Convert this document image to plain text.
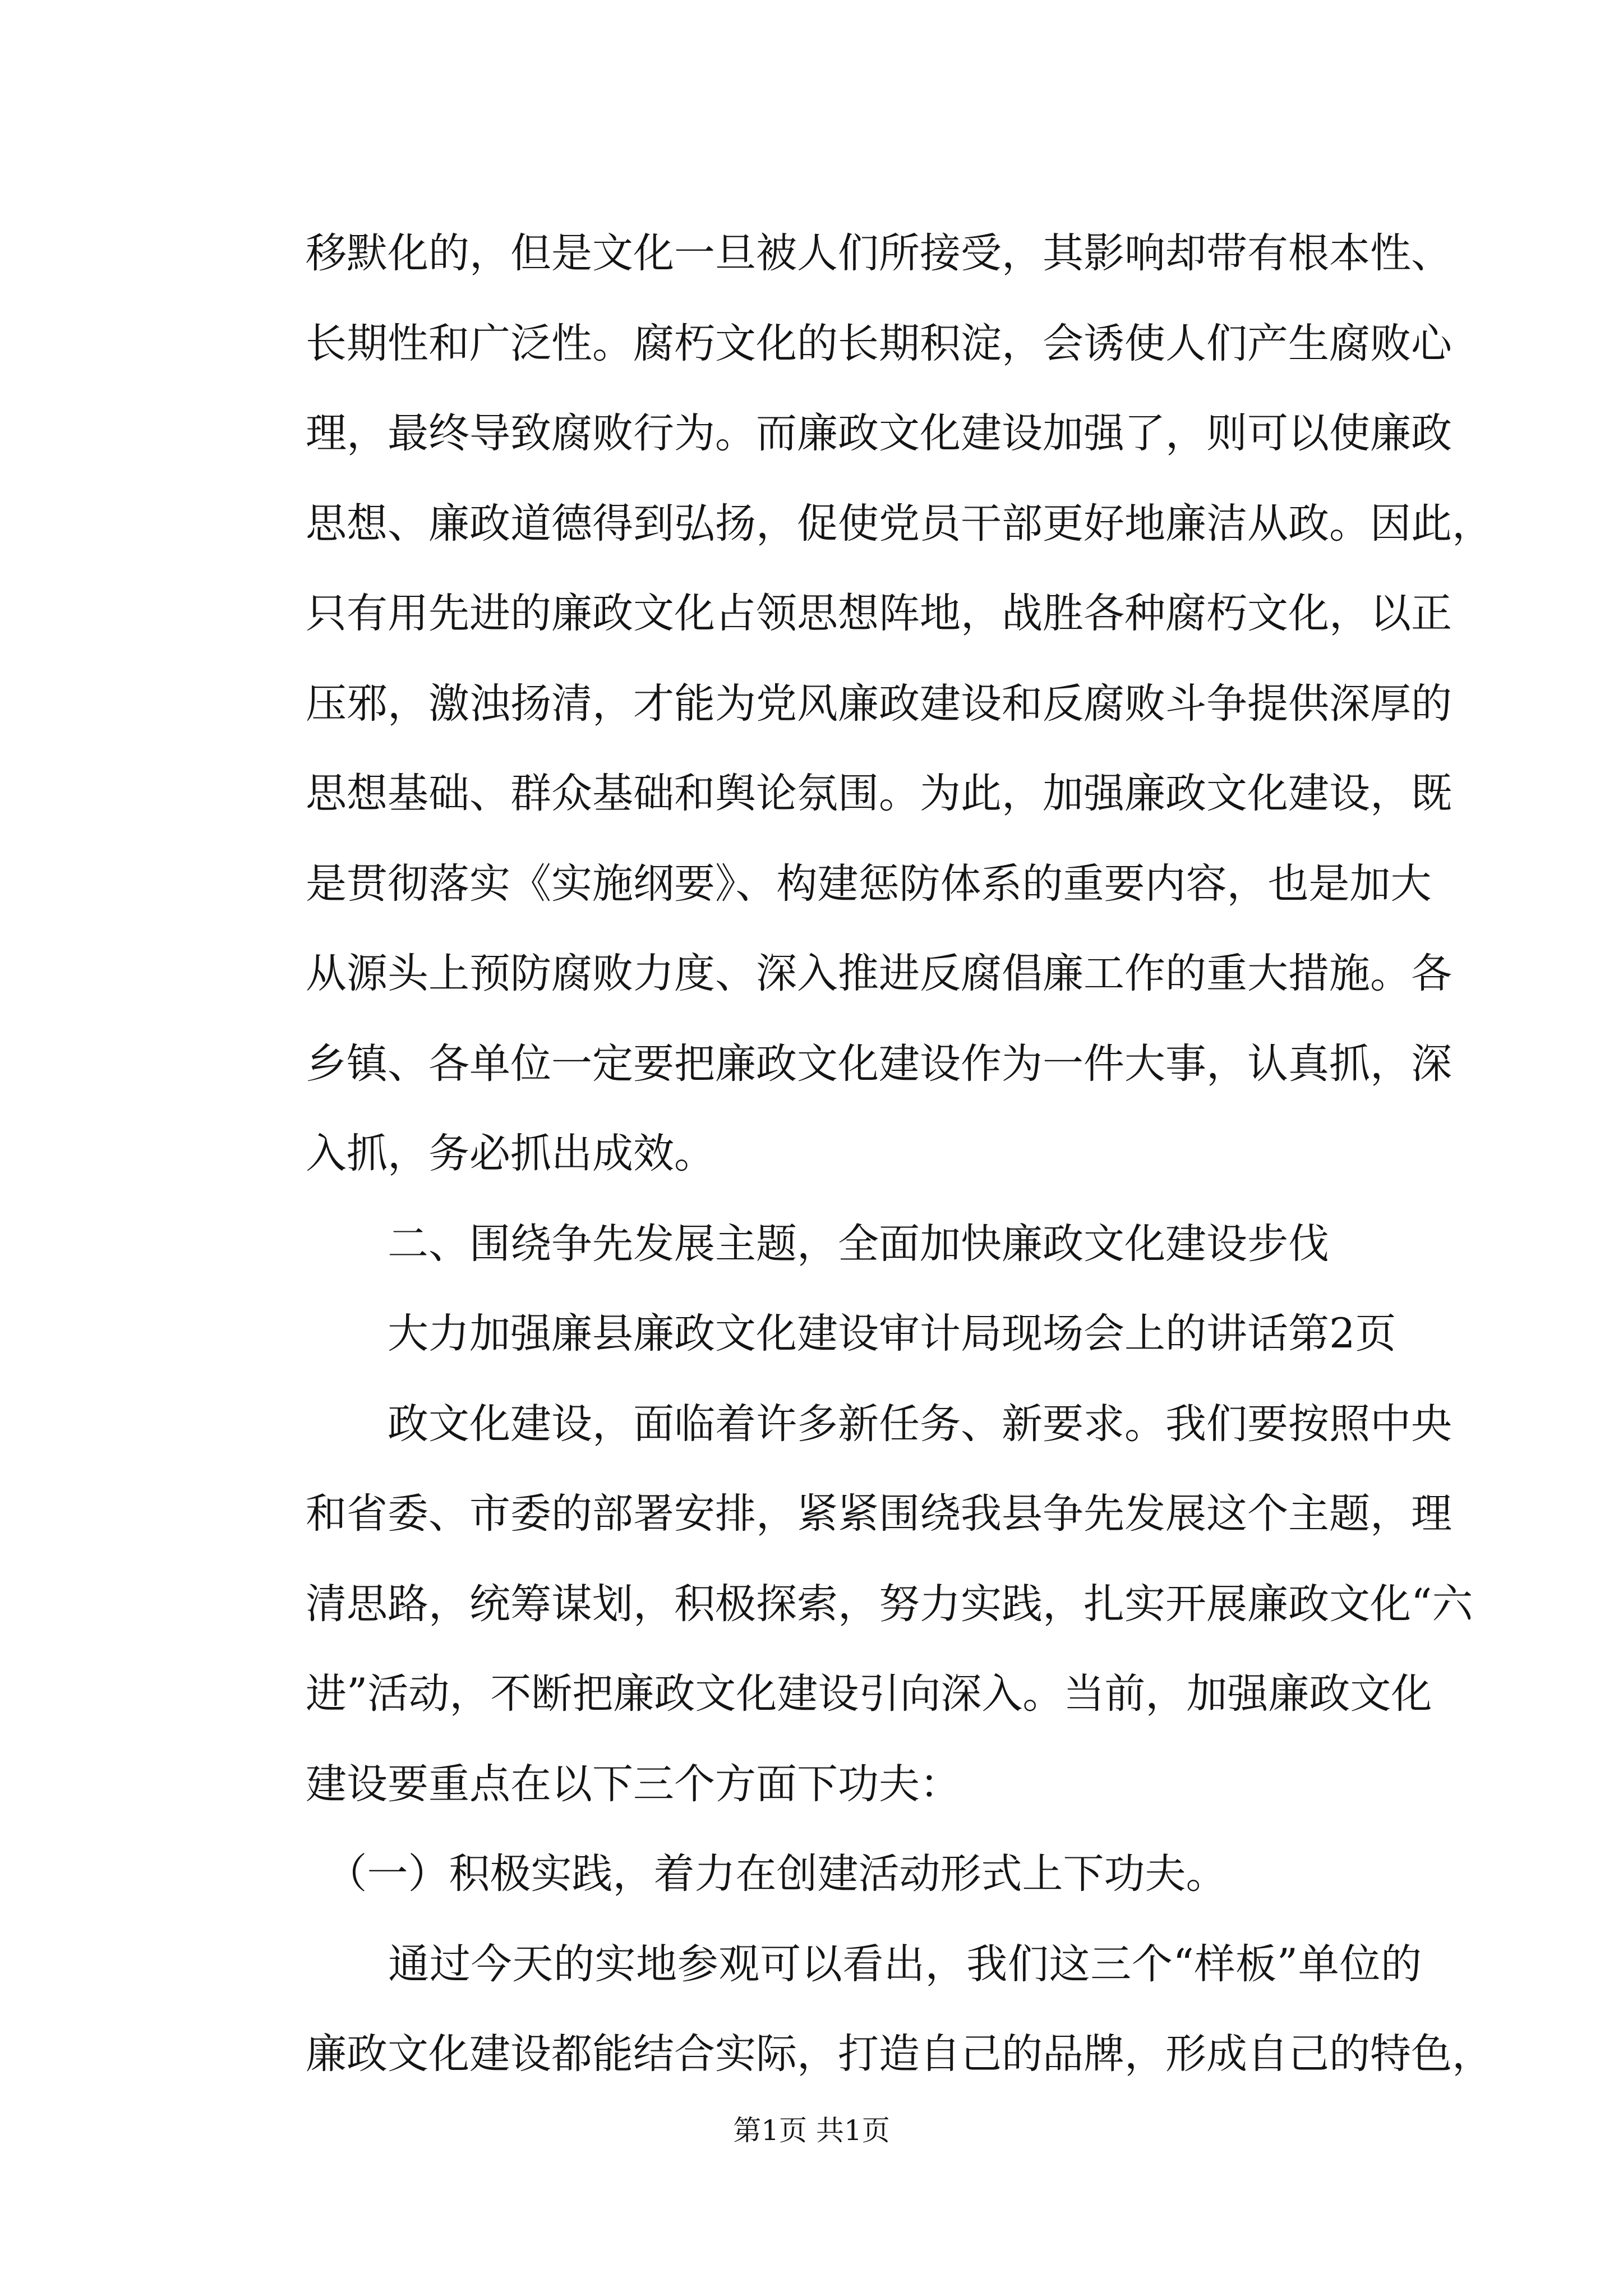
移默化的，但是文化一旦被人们所接受，其影响却带有根本性、
长期性和广泛性。腐朽文化的长期积淀，会诱使人们产生腐败心
理，最终导致腐败行为。而廉政文化建设加强了，则可以使廉政
思想、廉政道德得到弘扬，促使党员干部更好地廉洁从政。因此，
只有用先进的廉政文化占领思想阵地，战胜各种腐朽文化，以正
压邪，激浊扬清，才能为党风廉政建设和反腐败斗争提供深厚的
思想基础、群众基础和舆论氛围。为此，加强廉政文化建设，既
是贯彻落实《实施纲要》、构建惩防体系的重要内容，也是加大
从源头上预防腐败力度、深入推进反腐倡廉工作的重大措施。各
乡镇、各单位一定要把廉政文化建设作为一件大事，认真抓，深
入抓，务必抓出成效。
　　二、围绕争先发展主题，全面加快廉政文化建设步伐
　　大力加强廉县廉政文化建设审计局现场会上的讲话第2页
　　政文化建设，面临着许多新任务、新要求。我们要按照中央
和省委、市委的部署安排，紧紧围绕我县争先发展这个主题，理
清思路，统筹谋划，积极探索，努力实践，扎实开展廉政文化“六
进”活动，不断把廉政文化建设引向深入。当前，加强廉政文化
建设要重点在以下三个方面下功夫：
　（一）积极实践，着力在创建活动形式上下功夫。
　　通过今天的实地参观可以看出，我们这三个“样板”单位的
廉政文化建设都能结合实际，打造自己的品牌，形成自己的特色，
第1页 共1页
